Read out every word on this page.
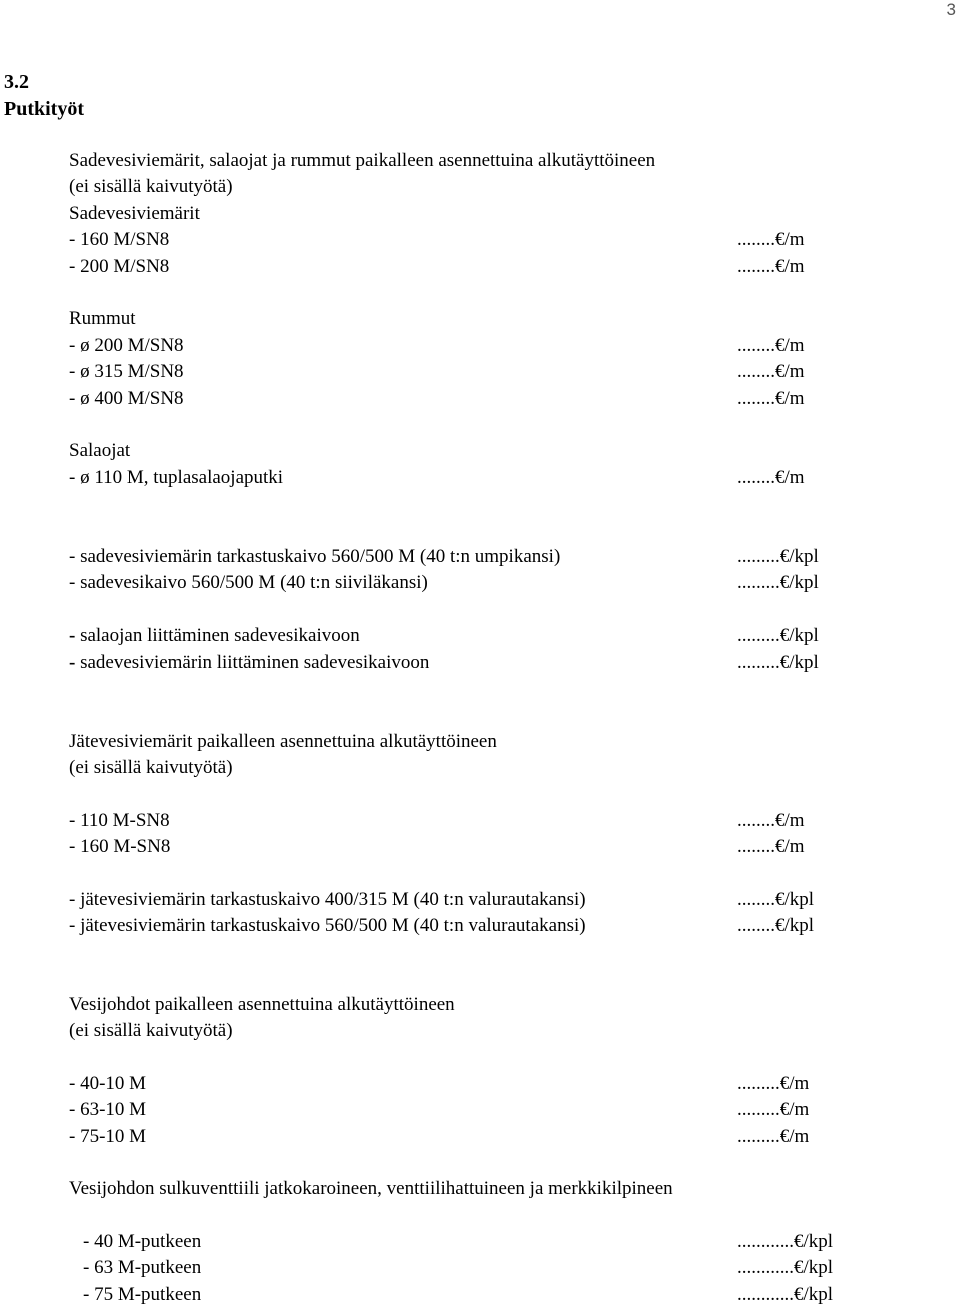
3
3.2
Putkityöt
Sadevesiviemärit, salaojat ja rummut paikalleen asennettuina alkutäyttöineen
(ei sisällä kaivutyötä)
Sadevesiviemärit
- 160 M/SN8	........€/m
- 200 M/SN8	........€/m
Rummut
- ø 200 M/SN8	........€/m
- ø 315 M/SN8	........€/m
- ø 400 M/SN8	........€/m
Salaojat
- ø 110 M, tuplasalaojaputki	........€/m
- sadevesiviemärin tarkastuskaivo 560/500 M (40 t:n umpikansi)	.........€/kpl
- sadevesikaivo 560/500 M (40 t:n siiviläkansi)	.........€/kpl
- salaojan liittäminen sadevesikaivoon	.........€/kpl
- sadevesiviemärin liittäminen sadevesikaivoon	.........€/kpl
Jätevesiviemärit paikalleen asennettuina alkutäyttöineen
(ei sisällä kaivutyötä)
- 110 M-SN8	........€/m
- 160 M-SN8	........€/m
- jätevesiviemärin tarkastuskaivo 400/315 M (40 t:n valurautakansi)	........€/kpl
- jätevesiviemärin tarkastuskaivo 560/500 M (40 t:n valurautakansi)	........€/kpl
Vesijohdot paikalleen asennettuina alkutäyttöineen
(ei sisällä kaivutyötä)
- 40-10 M	.........€/m
- 63-10 M	.........€/m
- 75-10 M	.........€/m
Vesijohdon sulkuventtiili jatkokaroineen, venttiilihattuineen ja merkkikilpineen
- 40 M-putkeen	............€/kpl
- 63 M-putkeen	............€/kpl
- 75 M-putkeen	............€/kpl
